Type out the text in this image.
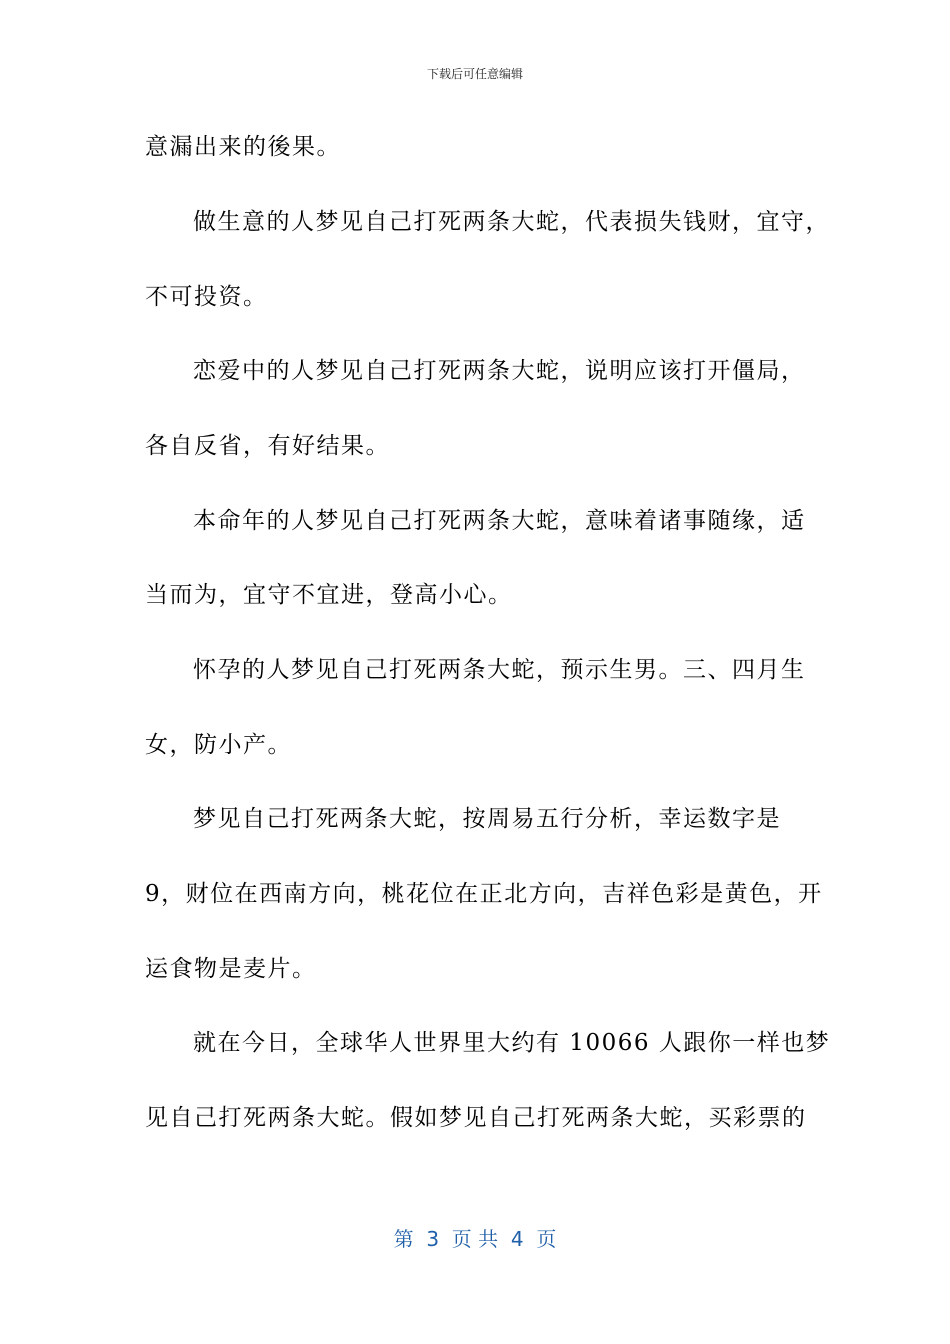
下载后可任意编辑
意漏出来的後果。
做生意的人梦见自己打死两条大蛇，代表损失钱财，宜守，
不可投资。
恋爱中的人梦见自己打死两条大蛇，说明应该打开僵局，
各自反省，有好结果。
本命年的人梦见自己打死两条大蛇，意味着诸事随缘，适
当而为，宜守不宜进，登高小心。
怀孕的人梦见自己打死两条大蛇，预示生男。三、四月生
女，防小产。
梦见自己打死两条大蛇，按周易五行分析，幸运数字是
9，财位在西南方向，桃花位在正北方向，吉祥色彩是黄色，开
运食物是麦片。
就在今日，全球华人世界里大约有 10066 人跟你一样也梦
见自己打死两条大蛇。假如梦见自己打死两条大蛇，买彩票的
第  3  页 共  4  页
